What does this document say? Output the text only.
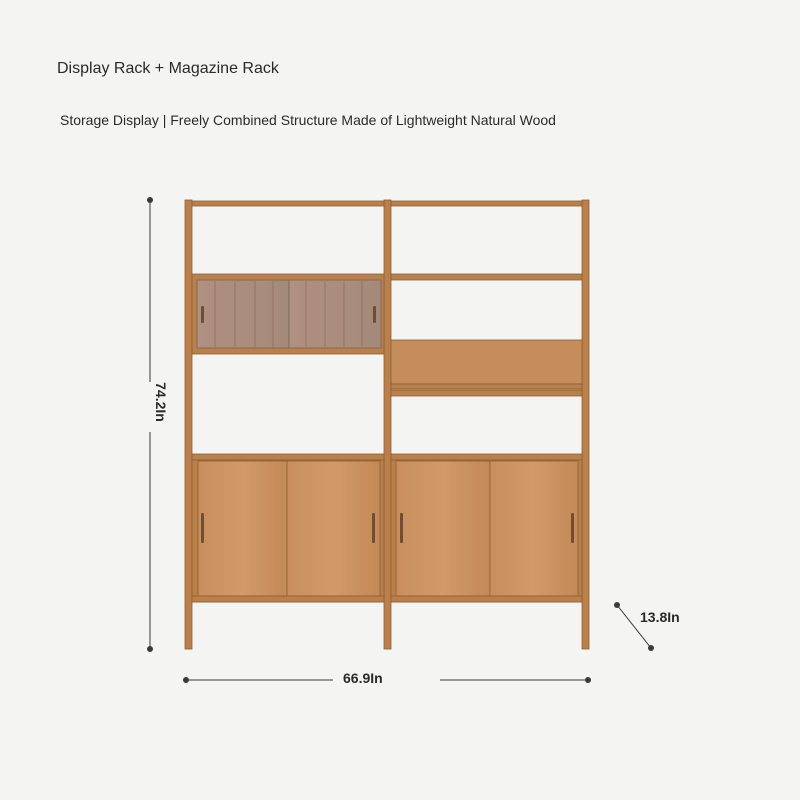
Display Rack + Magazine Rack
Storage Display | Freely Combined Structure Made of Lightweight Natural Wood
74.2In
66.9In
13.8In
